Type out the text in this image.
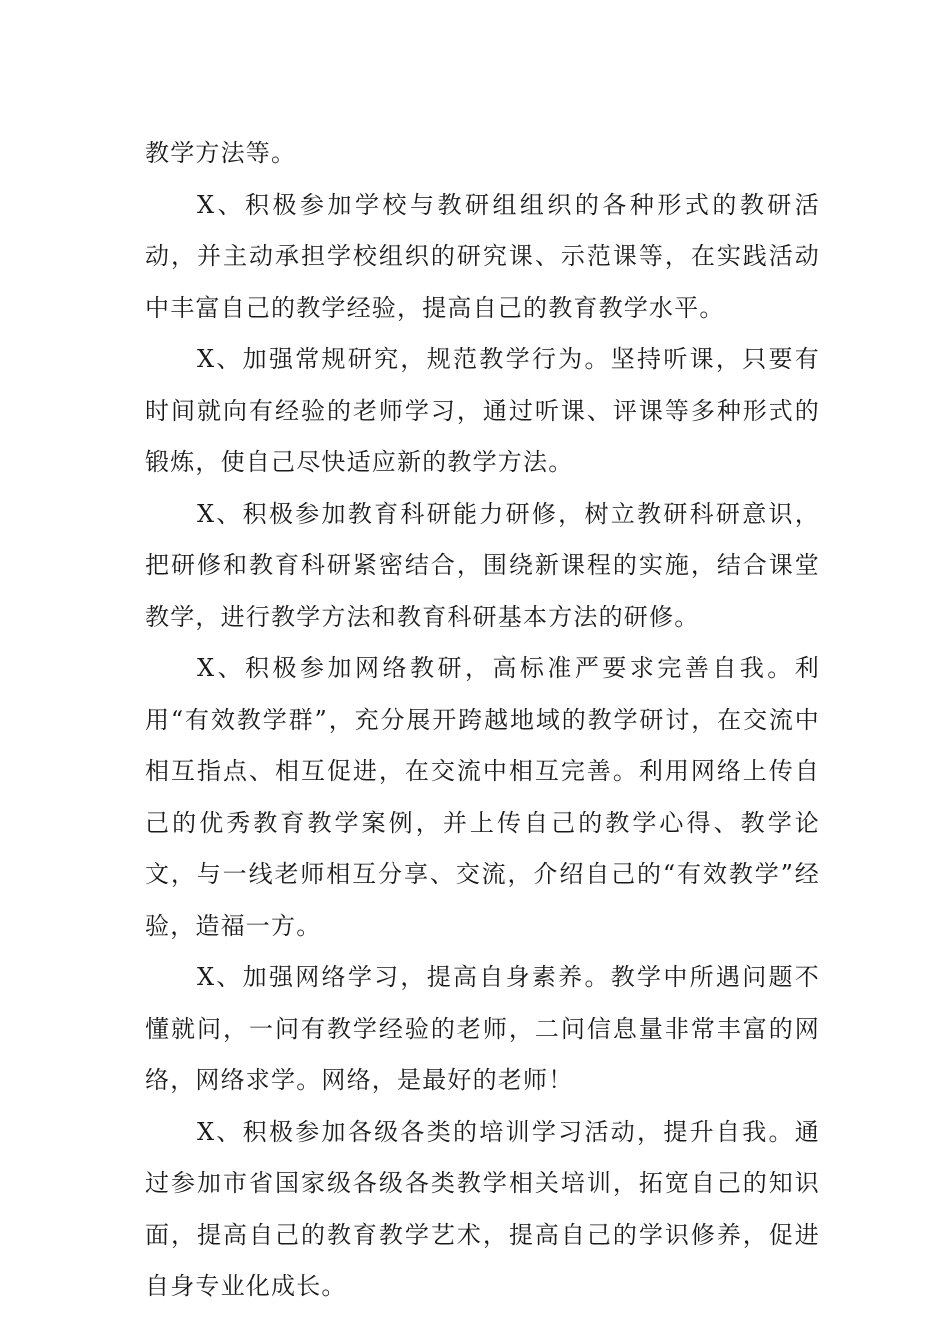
教学方法等。

X、积极参加学校与教研组组织的各种形式的教研活动，并主动承担学校组织的研究课、示范课等，在实践活动中丰富自己的教学经验，提高自己的教育教学水平。

X、加强常规研究，规范教学行为。坚持听课，只要有时间就向有经验的老师学习，通过听课、评课等多种形式的锻炼，使自己尽快适应新的教学方法。

X、积极参加教育科研能力研修，树立教研科研意识，把研修和教育科研紧密结合，围绕新课程的实施，结合课堂教学，进行教学方法和教育科研基本方法的研修。

X、积极参加网络教研，高标准严要求完善自我。利用“有效教学群”，充分展开跨越地域的教学研讨，在交流中相互指点、相互促进，在交流中相互完善。利用网络上传自己的优秀教育教学案例，并上传自己的教学心得、教学论文，与一线老师相互分享、交流，介绍自己的“有效教学”经验，造福一方。

X、加强网络学习，提高自身素养。教学中所遇问题不懂就问，一问有教学经验的老师，二问信息量非常丰富的网络，网络求学。网络，是最好的老师！

X、积极参加各级各类的培训学习活动，提升自我。通过参加市省国家级各级各类教学相关培训，拓宽自己的知识面，提高自己的教育教学艺术，提高自己的学识修养，促进自身专业化成长。
